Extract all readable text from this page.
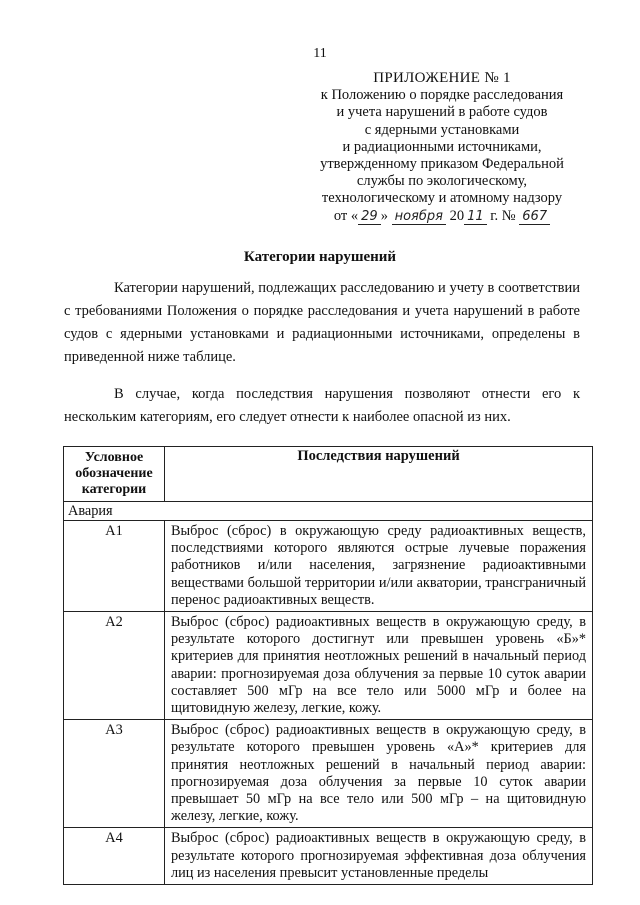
11
ПРИЛОЖЕНИЕ № 1
к Положению о порядке расследования
и учета нарушений в работе судов
с ядерными установками
и радиационными источниками,
утвержденному приказом Федеральной
службы по экологическому,
технологическому и атомному надзору
от « 29 » ноября 20 11 г. № 667
Категории нарушений
Категории нарушений, подлежащих расследованию и учету в соответствии с требованиями Положения о порядке расследования и учета нарушений в работе судов с ядерными установками и радиационными источниками, определены в приведенной ниже таблице.
В случае, когда последствия нарушения позволяют отнести его к нескольким категориям, его следует отнести к наиболее опасной из них.
Условное обозначение категории	Последствия нарушений
Авария	
A1	Выброс (сброс) в окружающую среду радиоактивных веществ, последствиями которого являются острые лучевые поражения работников и/или населения, загрязнение радиоактивными веществами большой территории и/или акватории, трансграничный перенос радиоактивных веществ.
A2	Выброс (сброс) радиоактивных веществ в окружающую среду, в результате которого достигнут или превышен уровень «Б»* критериев для принятия неотложных решений в начальный период аварии: прогнозируемая доза облучения за первые 10 суток аварии составляет 500 мГр на все тело или 5000 мГр и более на щитовидную железу, легкие, кожу.
A3	Выброс (сброс) радиоактивных веществ в окружающую среду, в результате которого превышен уровень «А»* критериев для принятия неотложных решений в начальный период аварии: прогнозируемая доза облучения за первые 10 суток аварии превышает 50 мГр на все тело или 500 мГр – на щитовидную железу, легкие, кожу.
A4	Выброс (сброс) радиоактивных веществ в окружающую среду, в результате которого прогнозируемая эффективная доза облучения лиц из населения превысит установленные пределы
